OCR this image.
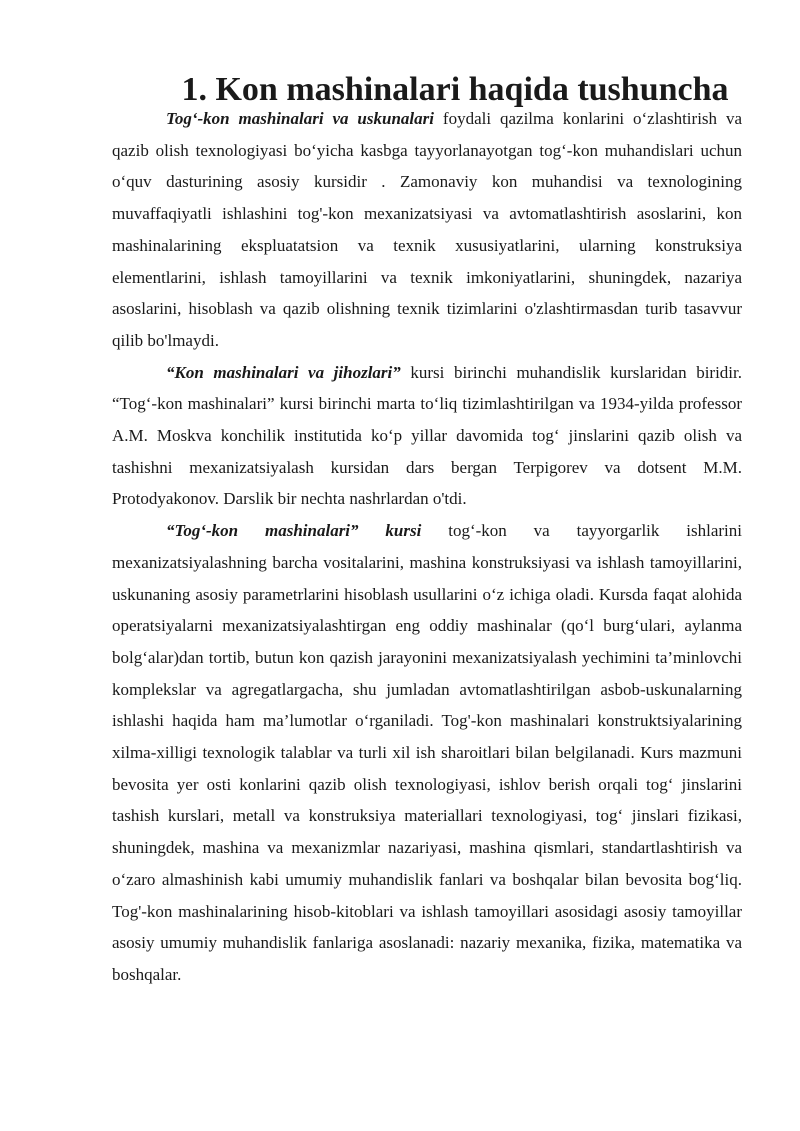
1. Kon mashinalari haqida tushuncha

Tog‘-kon mashinalari va uskunalari foydali qazilma konlarini o‘zlashtirish va qazib olish texnologiyasi bo‘yicha kasbga tayyorlanayotgan tog‘-kon muhandislari uchun o‘quv dasturining asosiy kursidir . Zamonaviy kon muhandisi va texnologining muvaffaqiyatli ishlashini tog'-kon mexanizatsiyasi va avtomatlashtirish asoslarini, kon mashinalarining ekspluatatsion va texnik xususiyatlarini, ularning konstruksiya elementlarini, ishlash tamoyillarini va texnik imkoniyatlarini, shuningdek, nazariya asoslarini, hisoblash va qazib olishning texnik tizimlarini o'zlashtirmasdan turib tasavvur qilib bo'lmaydi.

“Kon mashinalari va jihozlari” kursi birinchi muhandislik kurslaridan biridir. “Tog‘-kon mashinalari” kursi birinchi marta to‘liq tizimlashtirilgan va 1934-yilda professor A.M. Moskva konchilik institutida ko‘p yillar davomida tog‘ jinslarini qazib olish va tashishni mexanizatsiyalash kursidan dars bergan Terpigorev va dotsent M.M. Protodyakonov. Darslik bir nechta nashrlardan o'tdi.

“Tog‘-kon mashinalari” kursi tog‘-kon va tayyorgarlik ishlarini mexanizatsiyalashning barcha vositalarini, mashina konstruksiyasi va ishlash tamoyillarini, uskunaning asosiy parametrlarini hisoblash usullarini o‘z ichiga oladi. Kursda faqat alohida operatsiyalarni mexanizatsiyalashtirgan eng oddiy mashinalar (qo‘l burg‘ulari, aylanma bolg‘alar)dan tortib, butun kon qazish jarayonini mexanizatsiyalash yechimini ta’minlovchi komplekslar va agregatlargacha, shu jumladan avtomatlashtirilgan asbob-uskunalarning ishlashi haqida ham ma’lumotlar o‘rganiladi. Tog'-kon mashinalari konstruktsiyalarining xilma-xilligi texnologik talablar va turli xil ish sharoitlari bilan belgilanadi. Kurs mazmuni bevosita yer osti konlarini qazib olish texnologiyasi, ishlov berish orqali tog‘ jinslarini tashish kurslari, metall va konstruksiya materiallari texnologiyasi, tog‘ jinslari fizikasi, shuningdek, mashina va mexanizmlar nazariyasi, mashina qismlari, standartlashtirish va o‘zaro almashinish kabi umumiy muhandislik fanlari va boshqalar bilan bevosita bog‘liq. Tog'-kon mashinalarining hisob-kitoblari va ishlash tamoyillari asosidagi asosiy tamoyillar asosiy umumiy muhandislik fanlariga asoslanadi: nazariy mexanika, fizika, matematika va boshqalar.
